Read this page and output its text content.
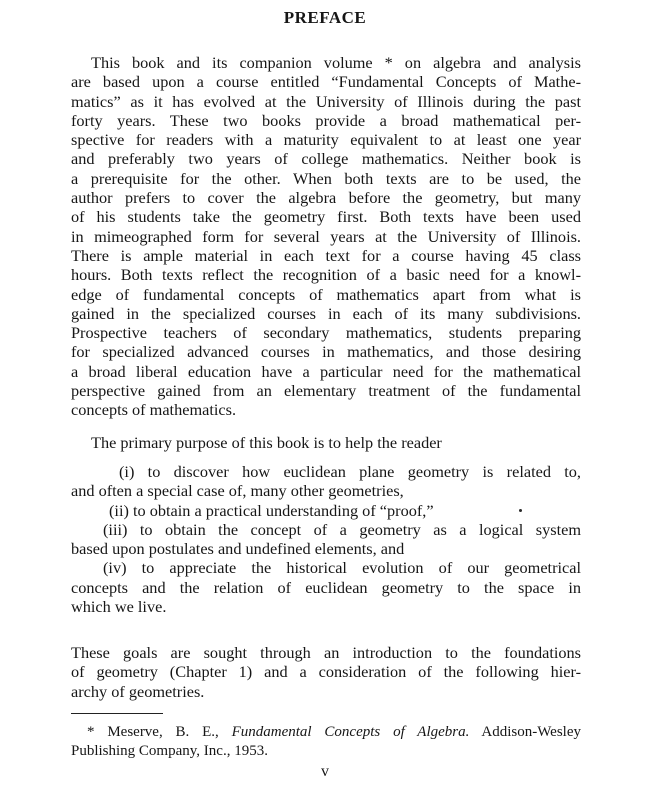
PREFACE
This book and its companion volume * on algebra and analysis
are based upon a course entitled “Fundamental Concepts of Mathe-
matics” as it has evolved at the University of Illinois during the past
forty years. These two books provide a broad mathematical per-
spective for readers with a maturity equivalent to at least one year
and preferably two years of college mathematics. Neither book is
a prerequisite for the other. When both texts are to be used, the
author prefers to cover the algebra before the geometry, but many
of his students take the geometry first. Both texts have been used
in mimeographed form for several years at the University of Illinois.
There is ample material in each text for a course having 45 class
hours. Both texts reflect the recognition of a basic need for a knowl-
edge of fundamental concepts of mathematics apart from what is
gained in the specialized courses in each of its many subdivisions.
Prospective teachers of secondary mathematics, students preparing
for specialized advanced courses in mathematics, and those desiring
a broad liberal education have a particular need for the mathematical
perspective gained from an elementary treatment of the fundamental
concepts of mathematics.
The primary purpose of this book is to help the reader
(i) to discover how euclidean plane geometry is related to,
and often a special case of, many other geometries,
(ii) to obtain a practical understanding of “proof,”
(iii) to obtain the concept of a geometry as a logical system
based upon postulates and undefined elements, and
(iv) to appreciate the historical evolution of our geometrical
concepts and the relation of euclidean geometry to the space in
which we live.
These goals are sought through an introduction to the foundations
of geometry (Chapter 1) and a consideration of the following hier-
archy of geometries.
* Meserve, B. E., Fundamental Concepts of Algebra. Addison-Wesley
Publishing Company, Inc., 1953.
v
